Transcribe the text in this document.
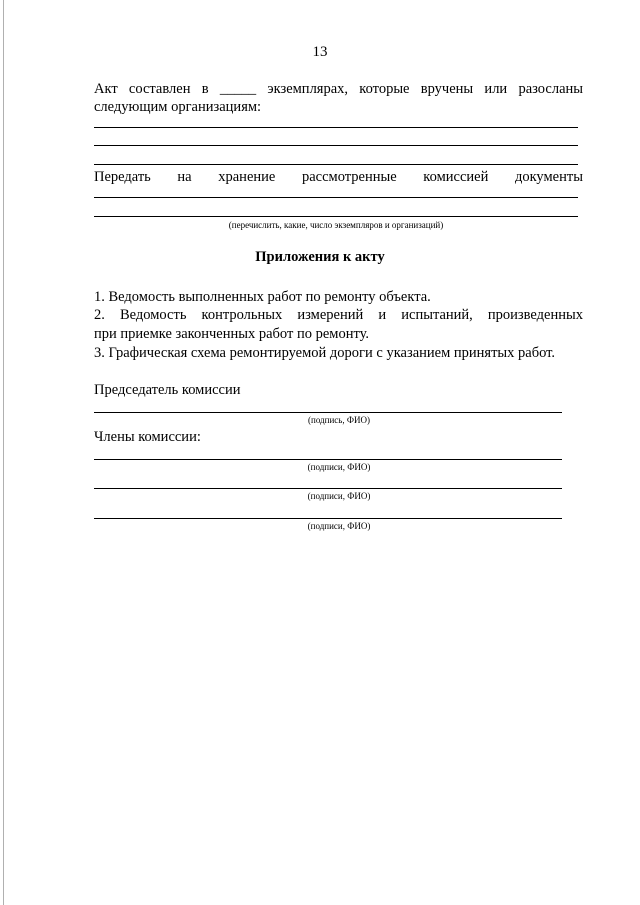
13
Акт составлен в _____ экземплярах, которые вручены или разосланы
следующим организациям:
Передать на хранение рассмотренные комиссией документы
(перечислить, какие, число экземпляров и организаций)
Приложения к акту
1. Ведомость выполненных работ по ремонту объекта.
2. Ведомость контрольных измерений и испытаний, произведенных
при приемке законченных работ по ремонту.
3. Графическая схема ремонтируемой дороги с указанием принятых работ.
Председатель комиссии
(подпись, ФИО)
Члены комиссии:
(подписи, ФИО)
(подписи, ФИО)
(подписи, ФИО)
